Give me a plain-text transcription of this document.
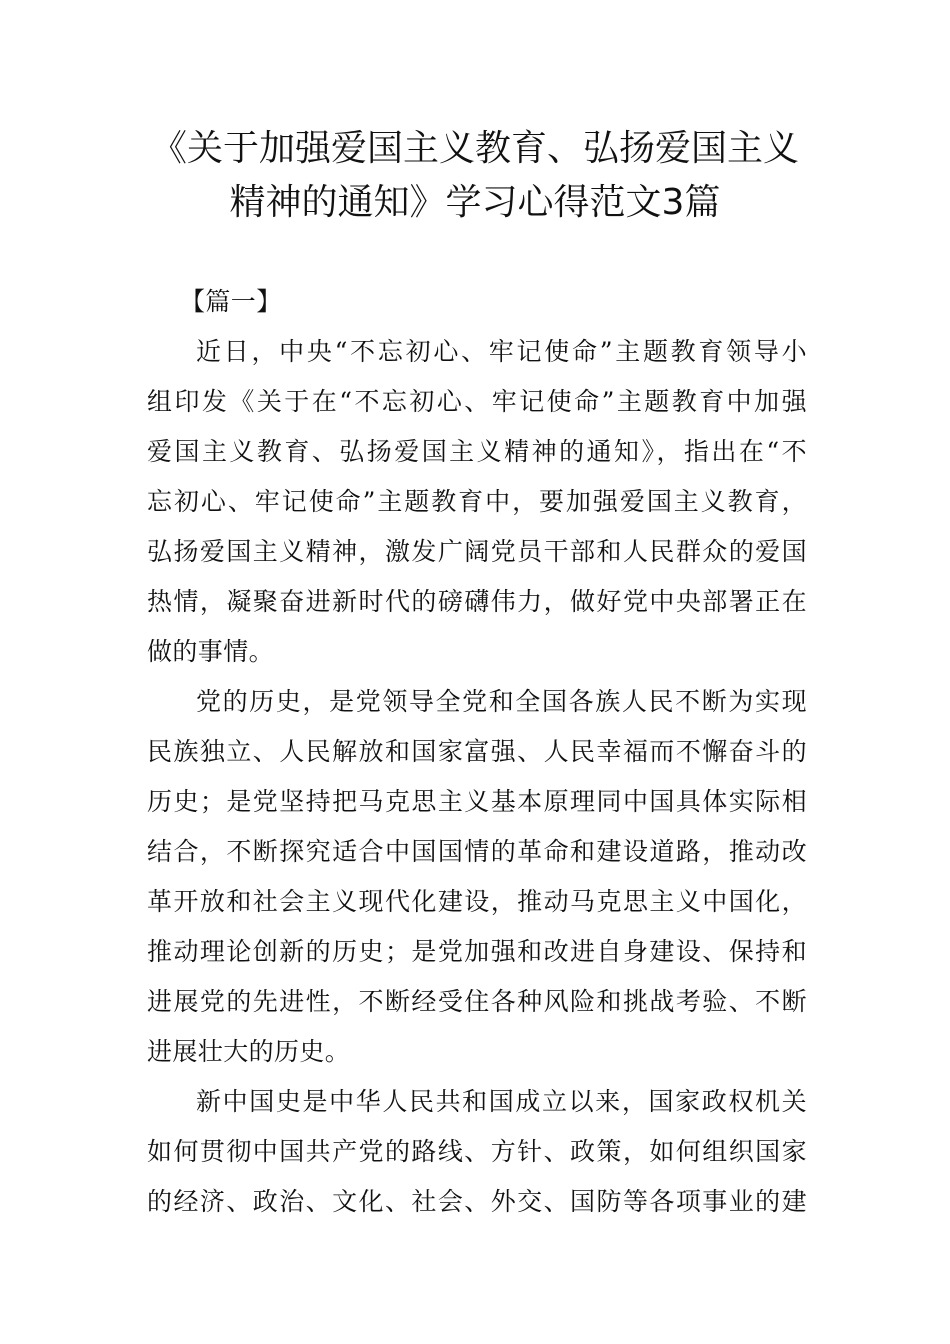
《关于加强爱国主义教育、弘扬爱国主义
精神的通知》学习心得范文3篇
【篇一】
近日，中央“不忘初心、牢记使命”主题教育领导小
组印发《关于在“不忘初心、牢记使命”主题教育中加强
爱国主义教育、弘扬爱国主义精神的通知》，指出在“不
忘初心、牢记使命”主题教育中，要加强爱国主义教育，
弘扬爱国主义精神，激发广阔党员干部和人民群众的爱国
热情，凝聚奋进新时代的磅礴伟力，做好党中央部署正在
做的事情。
党的历史，是党领导全党和全国各族人民不断为实现
民族独立、人民解放和国家富强、人民幸福而不懈奋斗的
历史；是党坚持把马克思主义基本原理同中国具体实际相
结合，不断探究适合中国国情的革命和建设道路，推动改
革开放和社会主义现代化建设，推动马克思主义中国化，
推动理论创新的历史；是党加强和改进自身建设、保持和
进展党的先进性，不断经受住各种风险和挑战考验、不断
进展壮大的历史。
新中国史是中华人民共和国成立以来，国家政权机关
如何贯彻中国共产党的路线、方针、政策，如何组织国家
的经济、政治、文化、社会、外交、国防等各项事业的建
